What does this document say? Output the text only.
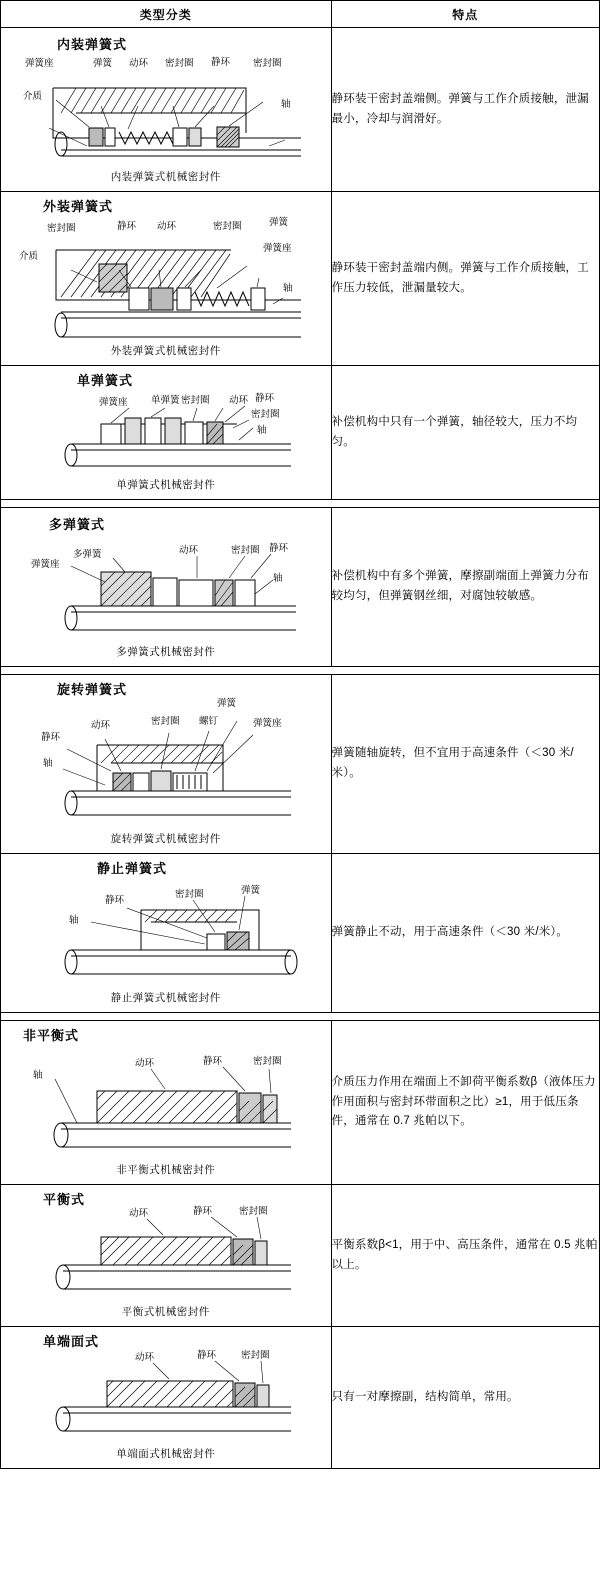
类型分类	特点

内装弹簧式
弹簧座	弹簧 动环 密封圈 静环 密封圈
介质
轴
内装弹簧式机械密封件
	静环装干密封盖端侧。弹簧与工作介质接触，泄漏最小，冷却与润滑好。

外装弹簧式
密封圈	静环 动环	密封圈	弹簧
弹簧座
介质
轴
外装弹簧式机械密封件
	静环装干密封盖端内侧。弹簧与工作介质接触，工作压力较低，泄漏量较大。

单弹簧式
弹簧座 单弹簧 密封圈 动环 静环
密封圈
轴
单弹簧式机械密封件
	补偿机构中只有一个弹簧，轴径较大，压力不均匀。

多弹簧式
弹簧座
多弹簧	动环	密封圈 静环
轴
多弹簧式机械密封件
	补偿机构中有多个弹簧，摩擦副端面上弹簧力分布较均匀，但弹簧钢丝细，对腐蚀较敏感。

旋转弹簧式
动环	密封圈 螺钉
弹簧
弹簧座
静环
轴
旋转弹簧式机械密封件
	弹簧随轴旋转，但不宜用于高速条件（＜30 米/米）。

静止弹簧式
静环
密封圈	弹簧
轴
静止弹簧式机械密封件
	弹簧静止不动，用于高速条件（＜30 米/米）。

非平衡式
轴
动环	静环	密封圈
非平衡式机械密封件
	介质压力作用在端面上不卸荷平衡系数β（液体压力作用面积与密封环带面积之比）≥1，用于低压条件，通常在 0.7 兆帕以下。

平衡式
动环 静环 密封圈
平衡式机械密封件	平衡系数β<1，用于中、高压条件，通常在 0.5 兆帕以上。

单端面式
动环 静环 密封圈
单端面式机械密封件	只有一对摩擦副，结构简单，常用。
